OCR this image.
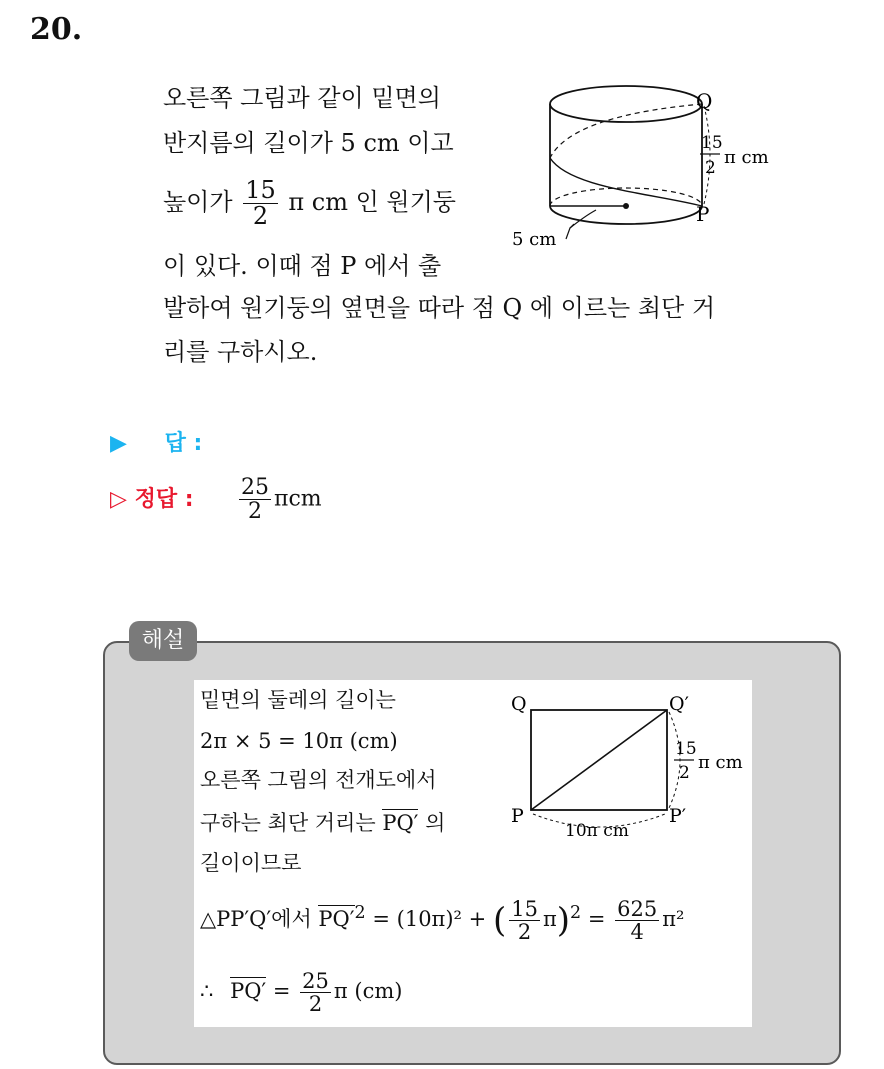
20.
오른쪽 그림과 같이 밑면의
반지름의 길이가 5 cm 이고
높이가 $\frac{15}{2}$ π cm 인 원기둥
이 있다. 이때 점 P 에서 출
발하여 원기둥의 옆면을 따라 점 Q 에 이르는 최단 거
리를 구하시오.
Q
P
15
2 π cm
5 cm
▶ 답 :
▷ 정답 : $\frac{25}{2}$ πcm
해설
밑면의 둘레의 길이는
2π × 5 = 10π (cm)
오른쪽 그림의 전개도에서
구하는 최단 거리는 PQ′ 의
길이이므로
△PP′Q′에서 $PQ'^2 = (10\pi)^2$ + ( $\frac{15}{2} \pi)^2 = \frac{625}{4} \pi^2$
∴ $PQ' = \frac{25}{2}$ π (cm)
Q	Q′
P	P′
15
2 π cm
10π cm
